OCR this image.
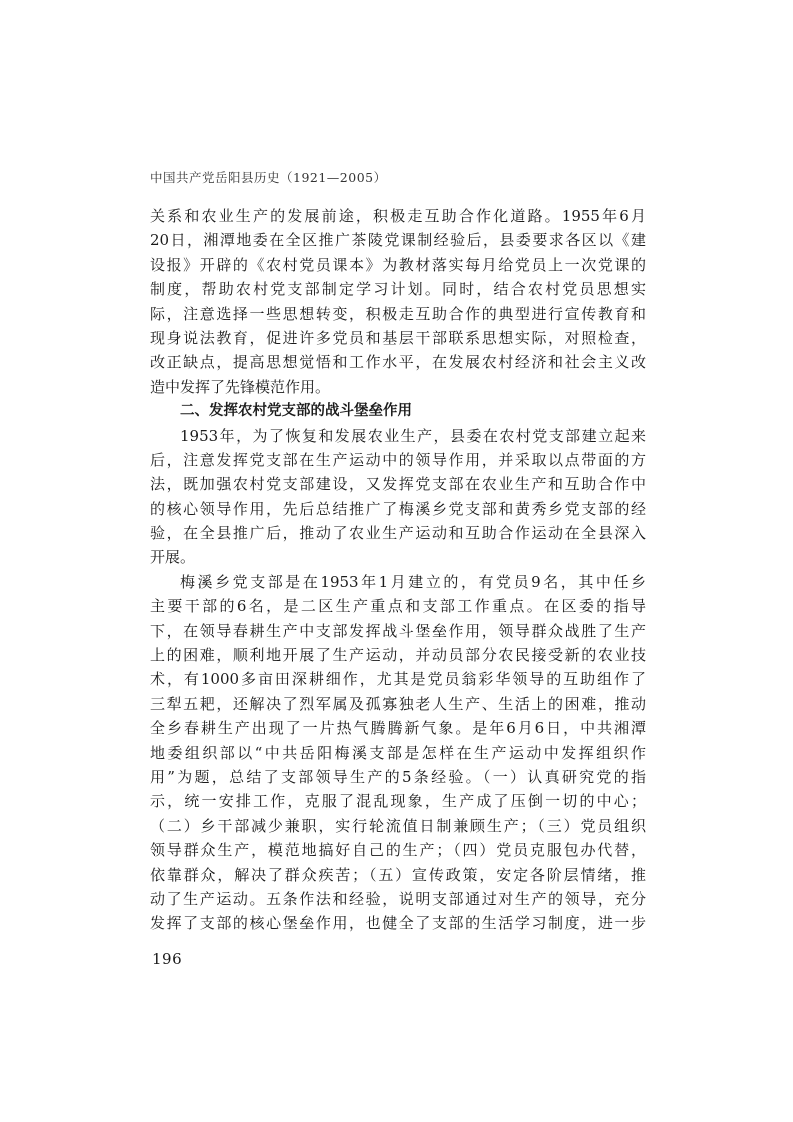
中国共产党岳阳县历史（1921—2005）
关系和农业生产的发展前途，积极走互助合作化道路。1955年6月
20日，湘潭地委在全区推广茶陵党课制经验后，县委要求各区以《建
设报》开辟的《农村党员课本》为教材落实每月给党员上一次党课的
制度，帮助农村党支部制定学习计划。同时，结合农村党员思想实
际，注意选择一些思想转变，积极走互助合作的典型进行宣传教育和
现身说法教育，促进许多党员和基层干部联系思想实际，对照检查，
改正缺点，提高思想觉悟和工作水平，在发展农村经济和社会主义改
造中发挥了先锋模范作用。
二、发挥农村党支部的战斗堡垒作用
1953年，为了恢复和发展农业生产，县委在农村党支部建立起来
后，注意发挥党支部在生产运动中的领导作用，并采取以点带面的方
法，既加强农村党支部建设，又发挥党支部在农业生产和互助合作中
的核心领导作用，先后总结推广了梅溪乡党支部和黄秀乡党支部的经
验，在全县推广后，推动了农业生产运动和互助合作运动在全县深入
开展。
梅溪乡党支部是在1953年1月建立的，有党员9名，其中任乡
主要干部的6名，是二区生产重点和支部工作重点。在区委的指导
下，在领导春耕生产中支部发挥战斗堡垒作用，领导群众战胜了生产
上的困难，顺利地开展了生产运动，并动员部分农民接受新的农业技
术，有1000多亩田深耕细作，尤其是党员翁彩华领导的互助组作了
三犁五耙，还解决了烈军属及孤寡独老人生产、生活上的困难，推动
全乡春耕生产出现了一片热气腾腾新气象。是年6月6日，中共湘潭
地委组织部以“中共岳阳梅溪支部是怎样在生产运动中发挥组织作
用”为题，总结了支部领导生产的5条经验。（一）认真研究党的指
示，统一安排工作，克服了混乱现象，生产成了压倒一切的中心；
（二）乡干部减少兼职，实行轮流值日制兼顾生产；（三）党员组织
领导群众生产，模范地搞好自己的生产；（四）党员克服包办代替，
依靠群众，解决了群众疾苦；（五）宣传政策，安定各阶层情绪，推
动了生产运动。五条作法和经验，说明支部通过对生产的领导，充分
发挥了支部的核心堡垒作用，也健全了支部的生活学习制度，进一步
196
